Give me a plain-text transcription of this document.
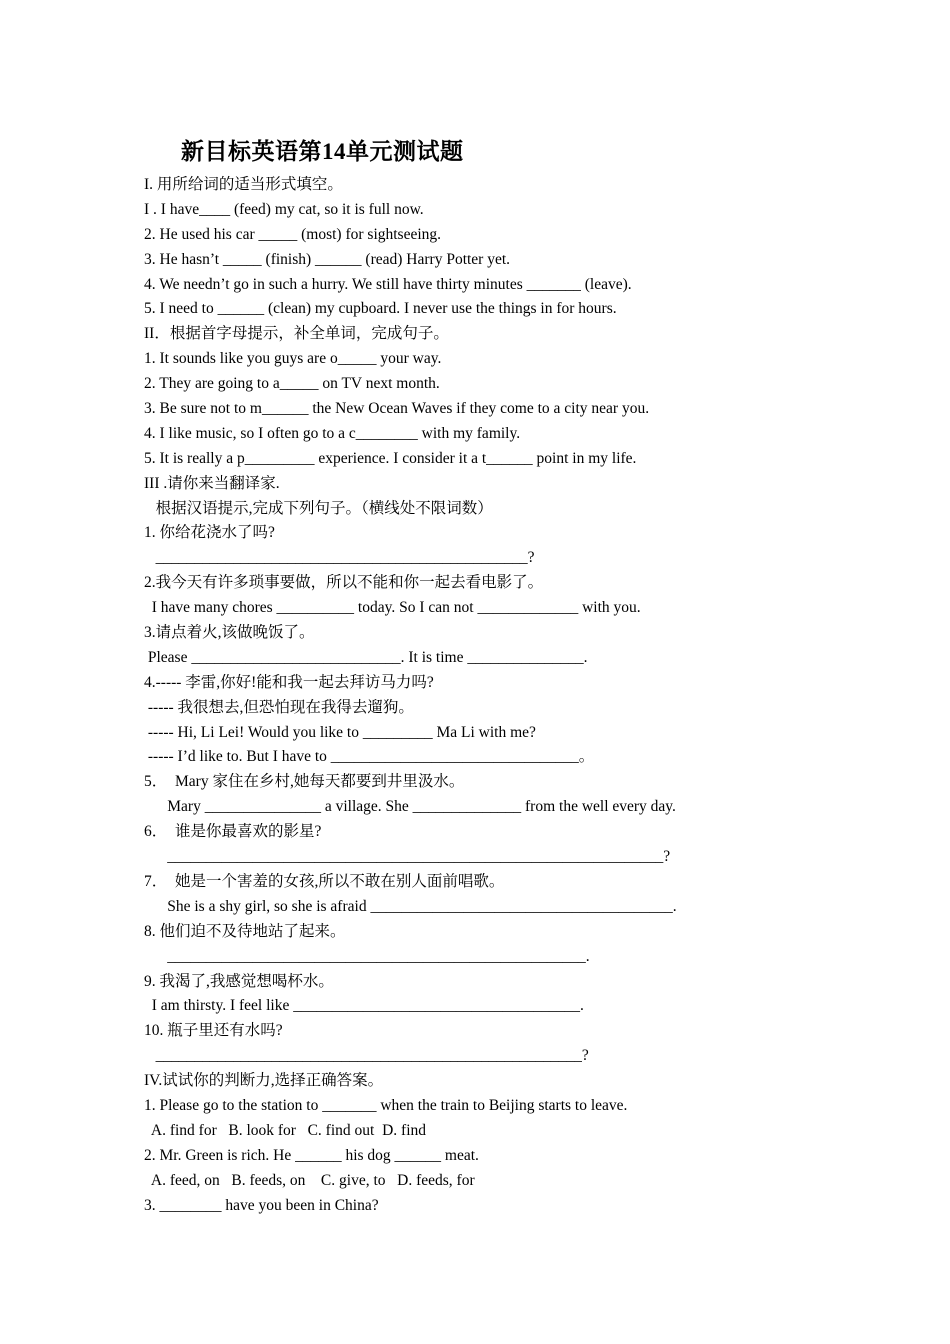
新目标英语第14单元测试题
I. 用所给词的适当形式填空。
I . I have____ (feed) my cat, so it is full now.
2. He used his car _____ (most) for sightseeing.
3. He hasn’t _____ (finish) ______ (read) Harry Potter yet.
4. We needn’t go in such a hurry. We still have thirty minutes _______ (leave).
5. I need to ______ (clean) my cupboard. I never use the things in for hours.
II．根据首字母提示，补全单词，完成句子。
1. It sounds like you guys are o_____ your way.
2. They are going to a_____ on TV next month.
3. Be sure not to m______ the New Ocean Waves if they come to a city near you.
4. I like music, so I often go to a c________ with my family.
5. It is really a p_________ experience. I consider it a t______ point in my life.
III .请你来当翻译家.
根据汉语提示,完成下列句子。（横线处不限词数）
1. 你给花浇水了吗?
________________________________________________?
2.我今天有许多琐事要做，所以不能和你一起去看电影了。
I have many chores __________ today. So I can not _____________ with you.
3.请点着火,该做晚饭了。
Please ___________________________. It is time _______________.
4.----- 李雷,你好!能和我一起去拜访马力吗?
----- 我很想去,但恐怕现在我得去遛狗。
----- Hi, Li Lei! Would you like to _________ Ma Li with me?
----- I’d like to. But I have to ________________________________。
5．  Mary 家住在乡村,她每天都要到井里汲水。
Mary _______________ a village. She ______________ from the well every day.
6．  谁是你最喜欢的影星?
________________________________________________________________?
7．  她是一个害羞的女孩,所以不敢在别人面前唱歌。
She is a shy girl, so she is afraid _______________________________________.
8. 他们迫不及待地站了起来。
______________________________________________________.
9. 我渴了,我感觉想喝杯水。
I am thirsty. I feel like _____________________________________.
10. 瓶子里还有水吗?
_______________________________________________________?
IV.试试你的判断力,选择正确答案。
1. Please go to the station to _______ when the train to Beijing starts to leave.
A. find for   B. look for   C. find out  D. find
2. Mr. Green is rich. He ______ his dog ______ meat.
A. feed, on   B. feeds, on    C. give, to   D. feeds, for
3. ________ have you been in China?
